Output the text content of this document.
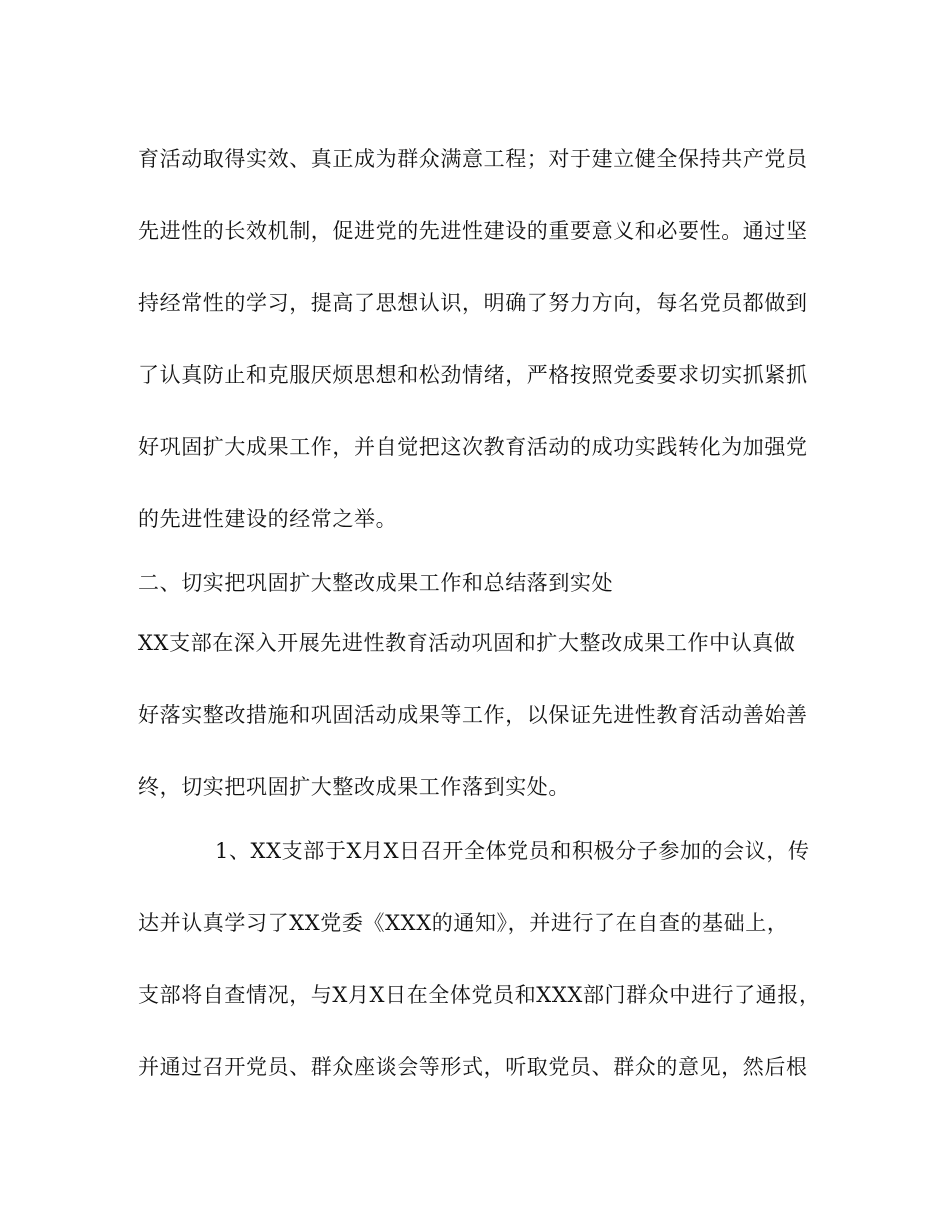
育活动取得实效、真正成为群众满意工程；对于建立健全保持共产党员
先进性的长效机制，促进党的先进性建设的重要意义和必要性。通过坚
持经常性的学习，提高了思想认识，明确了努力方向，每名党员都做到
了认真防止和克服厌烦思想和松劲情绪，严格按照党委要求切实抓紧抓
好巩固扩大成果工作，并自觉把这次教育活动的成功实践转化为加强党
的先进性建设的经常之举。
二、切实把巩固扩大整改成果工作和总结落到实处
XX支部在深入开展先进性教育活动巩固和扩大整改成果工作中认真做
好落实整改措施和巩固活动成果等工作，以保证先进性教育活动善始善
终，切实把巩固扩大整改成果工作落到实处。
1、XX支部于X月X日召开全体党员和积极分子参加的会议，传
达并认真学习了XX党委《XXX的通知》，并进行了在自查的基础上，
支部将自查情况，与X月X日在全体党员和XXX部门群众中进行了通报，
并通过召开党员、群众座谈会等形式，听取党员、群众的意见，然后根
